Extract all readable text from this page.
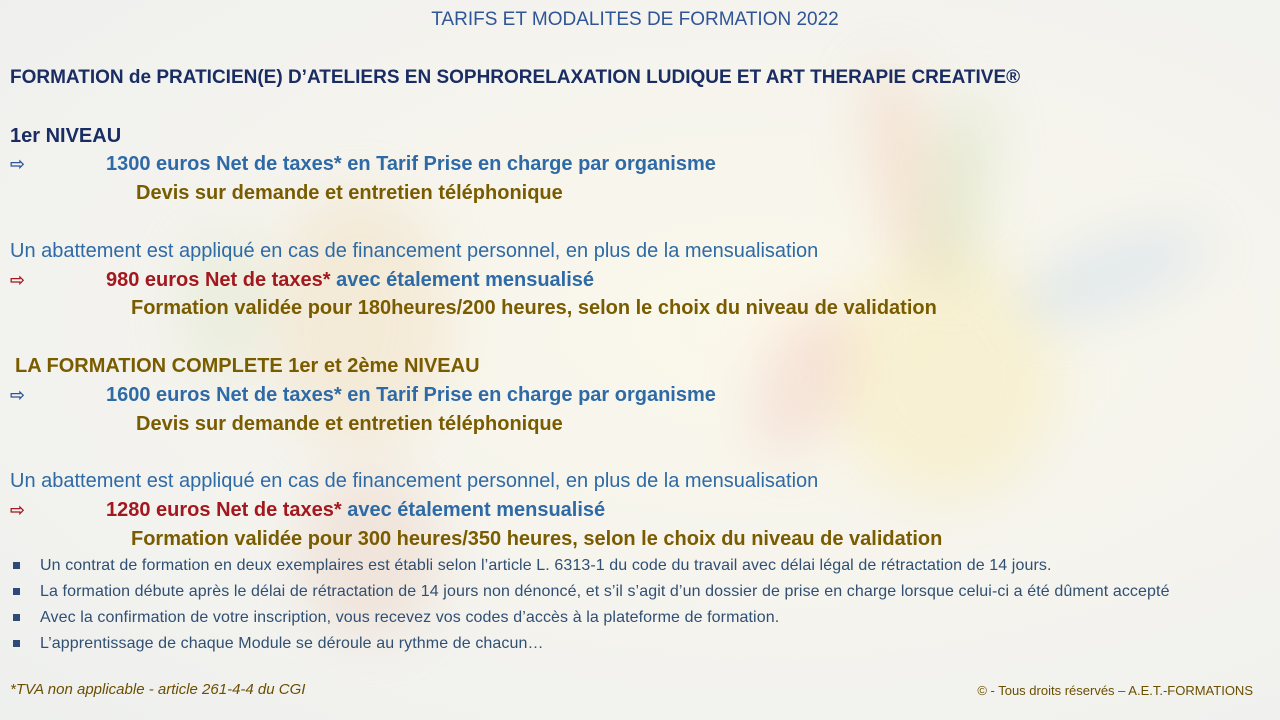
TARIFS ET MODALITES DE FORMATION 2022
FORMATION de PRATICIEN(E) D’ATELIERS EN SOPHRORELAXATION LUDIQUE ET ART THERAPIE CREATIVE®
1er NIVEAU
⇨	1300 euros Net de taxes* en Tarif Prise en charge par organisme
Devis sur demande et entretien téléphonique
Un abattement est appliqué en cas de financement personnel, en plus de la mensualisation
⇨	980 euros Net de taxes* avec étalement mensualisé
Formation validée pour 180heures/200 heures, selon le choix du niveau de validation
LA FORMATION COMPLETE 1er et 2ème NIVEAU
⇨	1600 euros Net de taxes* en Tarif Prise en charge par organisme
Devis sur demande et entretien téléphonique
Un abattement est appliqué en cas de financement personnel, en plus de la mensualisation
⇨	1280 euros Net de taxes* avec étalement mensualisé
Formation validée pour 300 heures/350 heures, selon le choix du niveau de validation
Un contrat de formation en deux exemplaires est établi selon l’article L. 6313-1 du code du travail avec délai légal de rétractation de 14 jours.
La formation débute après le délai de rétractation de 14 jours non dénoncé, et s’il s’agit d’un dossier de prise en charge lorsque celui-ci a été dûment accepté
Avec la confirmation de votre inscription, vous recevez vos codes d’accès à la plateforme de formation.
L’apprentissage de chaque Module se déroule au rythme de chacun…
*TVA non applicable - article 261-4-4 du CGI	© - Tous droits réservés – A.E.T.-FORMATIONS
